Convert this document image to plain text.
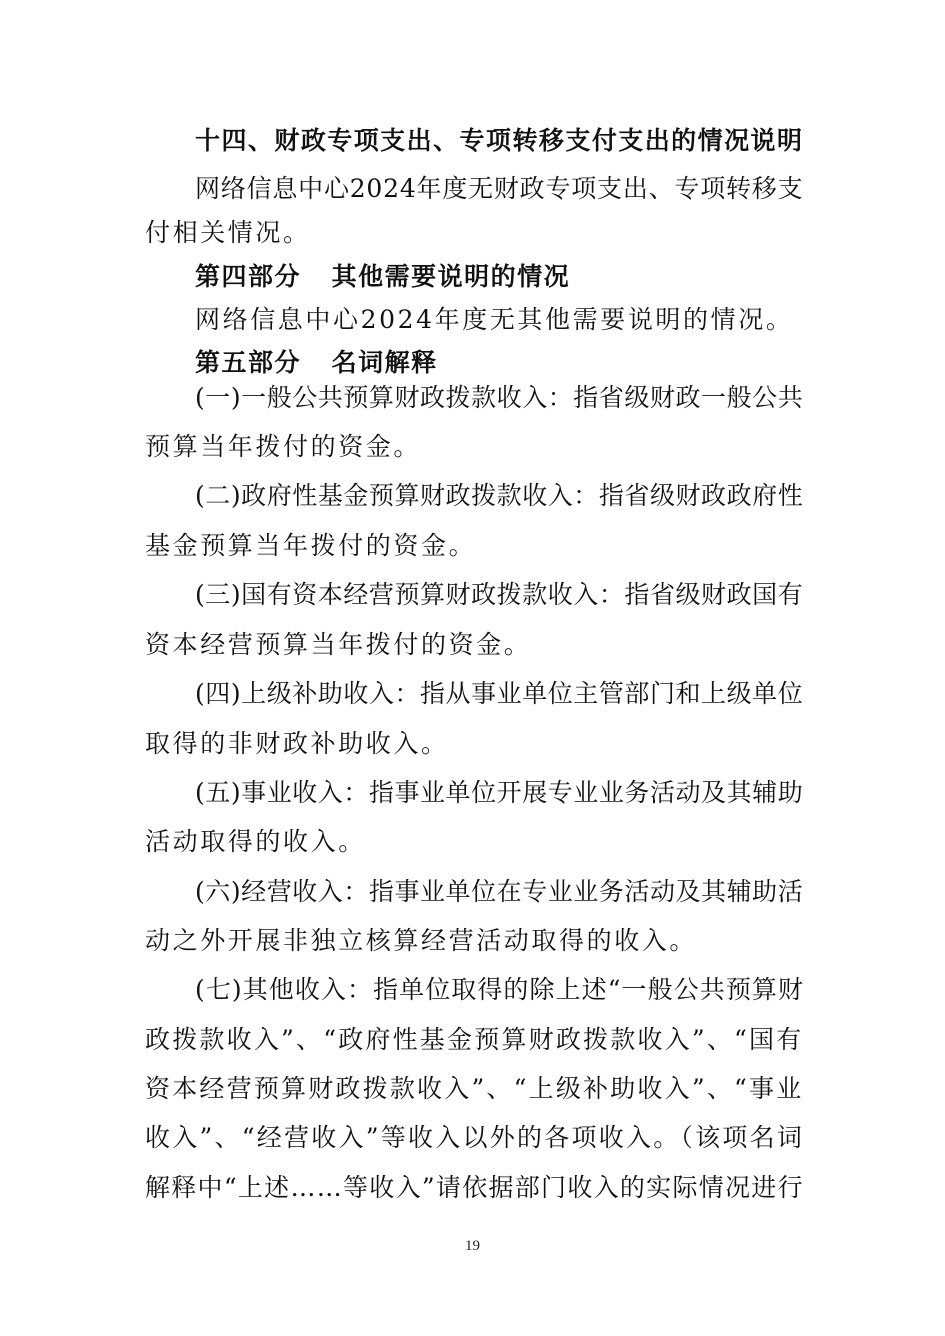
十四、财政专项支出、专项转移支付支出的情况说明
网络信息中心2024年度无财政专项支出、专项转移支
付相关情况。
第四部分   其他需要说明的情况
网络信息中心2024年度无其他需要说明的情况。
第五部分   名词解释
(一)一般公共预算财政拨款收入：指省级财政一般公共
预算当年拨付的资金。
(二)政府性基金预算财政拨款收入：指省级财政政府性
基金预算当年拨付的资金。
(三)国有资本经营预算财政拨款收入：指省级财政国有
资本经营预算当年拨付的资金。
(四)上级补助收入：指从事业单位主管部门和上级单位
取得的非财政补助收入。
(五)事业收入：指事业单位开展专业业务活动及其辅助
活动取得的收入。
(六)经营收入：指事业单位在专业业务活动及其辅助活
动之外开展非独立核算经营活动取得的收入。
(七)其他收入：指单位取得的除上述“一般公共预算财
政拨款收入”、“政府性基金预算财政拨款收入”、“国有
资本经营预算财政拨款收入”、“上级补助收入”、“事业
收入”、“经营收入”等收入以外的各项收入。（该项名词
解释中“上述……等收入”请依据部门收入的实际情况进行
19
